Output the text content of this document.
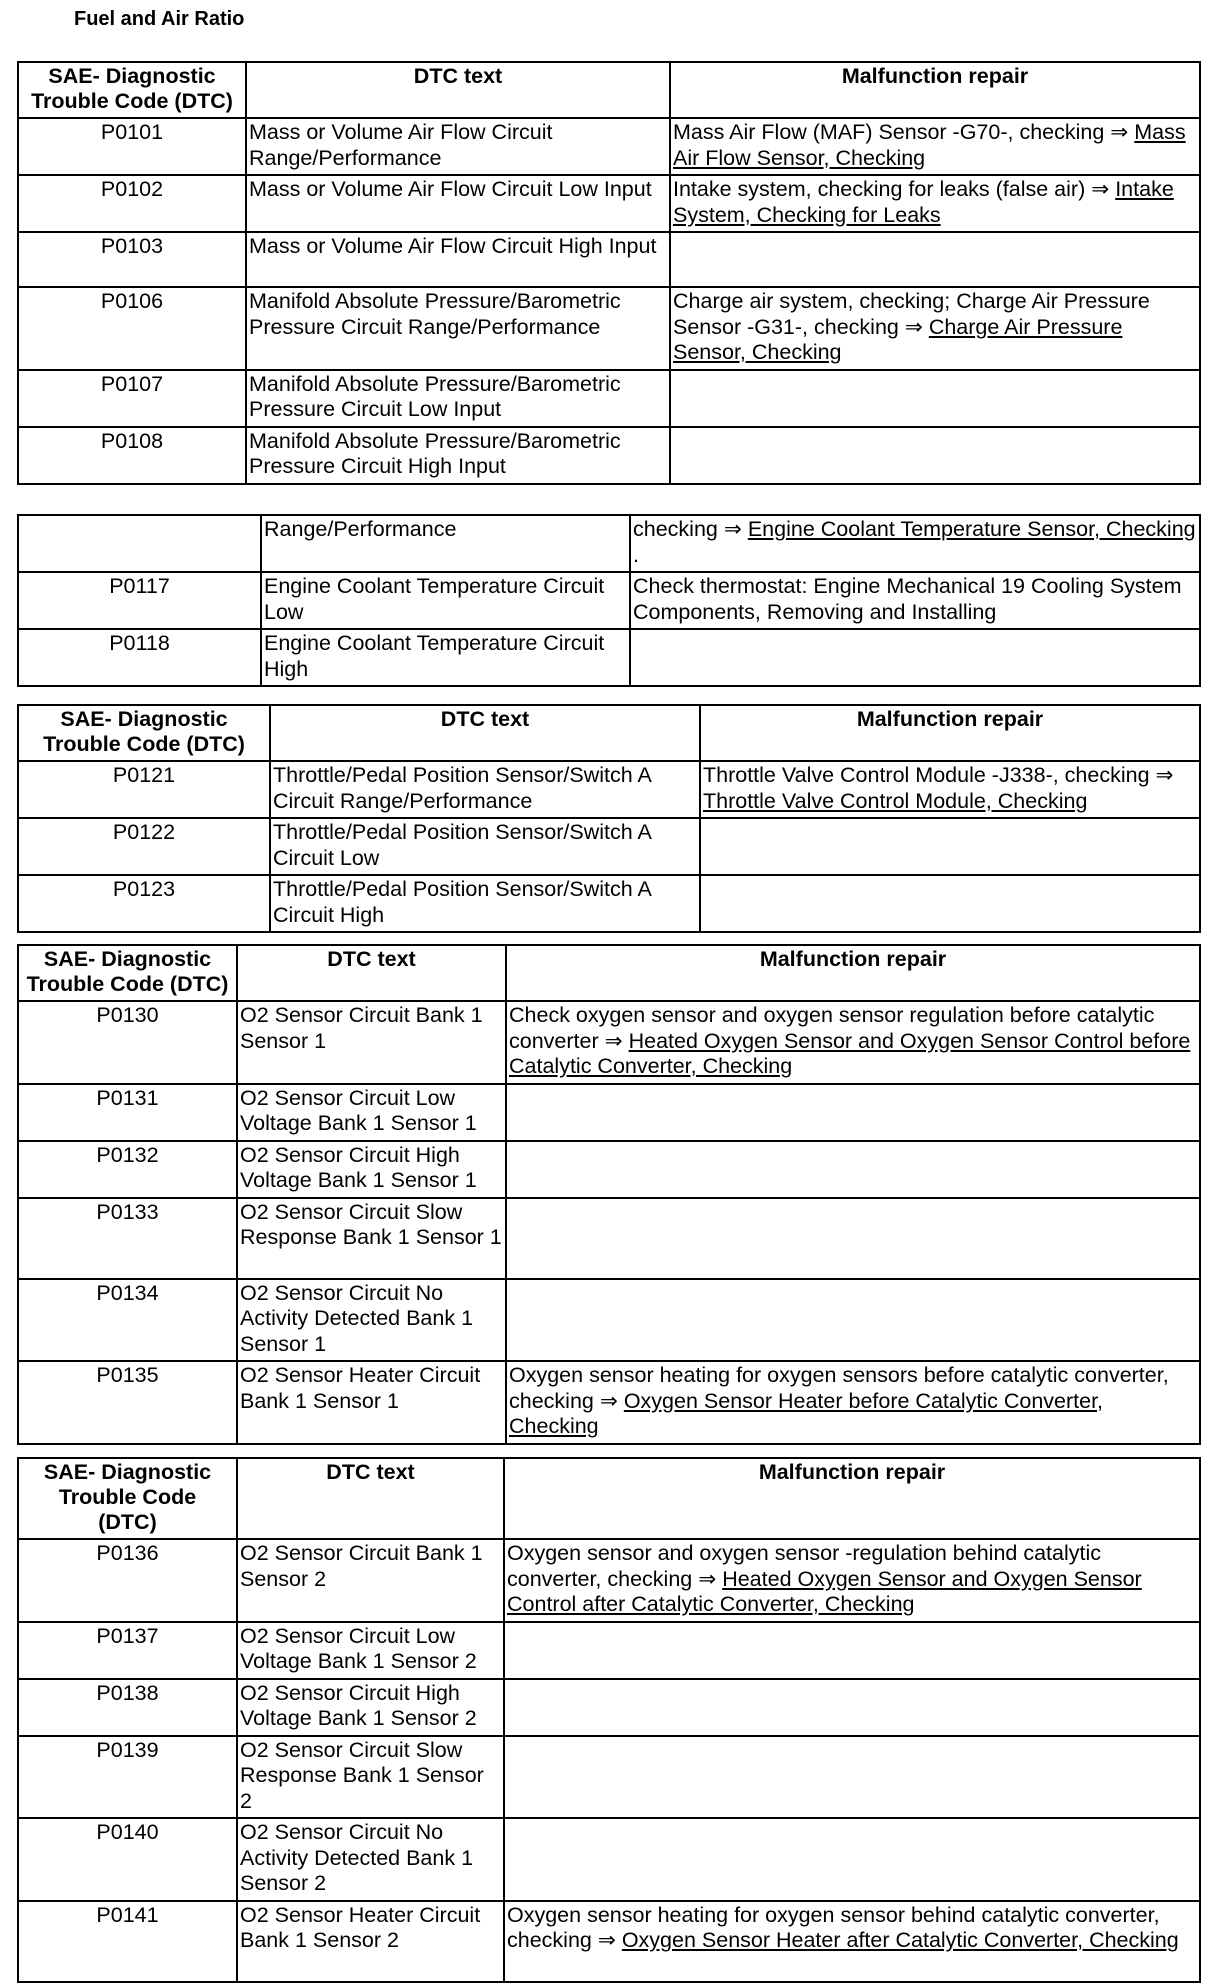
Fuel and Air Ratio
SAE- Diagnostic
Trouble Code (DTC)	DTC text	Malfunction repair
P0101	Mass or Volume Air Flow Circuit Range/Performance	Mass Air Flow (MAF) Sensor -G70-, checking ⇒ Mass Air Flow Sensor, Checking
P0102	Mass or Volume Air Flow Circuit Low Input	Intake system, checking for leaks (false air) ⇒ Intake System, Checking for Leaks
P0103	Mass or Volume Air Flow Circuit High Input	
P0106	Manifold Absolute Pressure/Barometric Pressure Circuit Range/Performance	Charge air system, checking; Charge Air Pressure Sensor -G31-, checking ⇒ Charge Air Pressure Sensor, Checking
P0107	Manifold Absolute Pressure/Barometric Pressure Circuit Low Input	
P0108	Manifold Absolute Pressure/Barometric Pressure Circuit High Input	
	Range/Performance	checking ⇒ Engine Coolant Temperature Sensor, Checking .
P0117	Engine Coolant Temperature Circuit Low	Check thermostat: Engine Mechanical 19 Cooling System Components, Removing and Installing
P0118	Engine Coolant Temperature Circuit High	
SAE- Diagnostic
Trouble Code (DTC)	DTC text	Malfunction repair
P0121	Throttle/Pedal Position Sensor/Switch A Circuit Range/Performance	Throttle Valve Control Module -J338-, checking ⇒ Throttle Valve Control Module, Checking
P0122	Throttle/Pedal Position Sensor/Switch A Circuit Low	
P0123	Throttle/Pedal Position Sensor/Switch A Circuit High	
SAE- Diagnostic
Trouble Code (DTC)	DTC text	Malfunction repair
P0130	O2 Sensor Circuit Bank 1 Sensor 1	Check oxygen sensor and oxygen sensor regulation before catalytic converter ⇒ Heated Oxygen Sensor and Oxygen Sensor Control before Catalytic Converter, Checking
P0131	O2 Sensor Circuit Low Voltage Bank 1 Sensor 1	
P0132	O2 Sensor Circuit High Voltage Bank 1 Sensor 1	
P0133	O2 Sensor Circuit Slow Response Bank 1 Sensor 1	
P0134	O2 Sensor Circuit No Activity Detected Bank 1 Sensor 1	
P0135	O2 Sensor Heater Circuit Bank 1 Sensor 1	Oxygen sensor heating for oxygen sensors before catalytic converter, checking ⇒ Oxygen Sensor Heater before Catalytic Converter, Checking
SAE- Diagnostic
Trouble Code
(DTC)	DTC text	Malfunction repair
P0136	O2 Sensor Circuit Bank 1 Sensor 2	Oxygen sensor and oxygen sensor -regulation behind catalytic converter, checking ⇒ Heated Oxygen Sensor and Oxygen Sensor Control after Catalytic Converter, Checking
P0137	O2 Sensor Circuit Low Voltage Bank 1 Sensor 2	
P0138	O2 Sensor Circuit High Voltage Bank 1 Sensor 2	
P0139	O2 Sensor Circuit Slow Response Bank 1 Sensor 2	
P0140	O2 Sensor Circuit No Activity Detected Bank 1 Sensor 2	
P0141	O2 Sensor Heater Circuit Bank 1 Sensor 2	Oxygen sensor heating for oxygen sensor behind catalytic converter, checking ⇒ Oxygen Sensor Heater after Catalytic Converter, Checking
